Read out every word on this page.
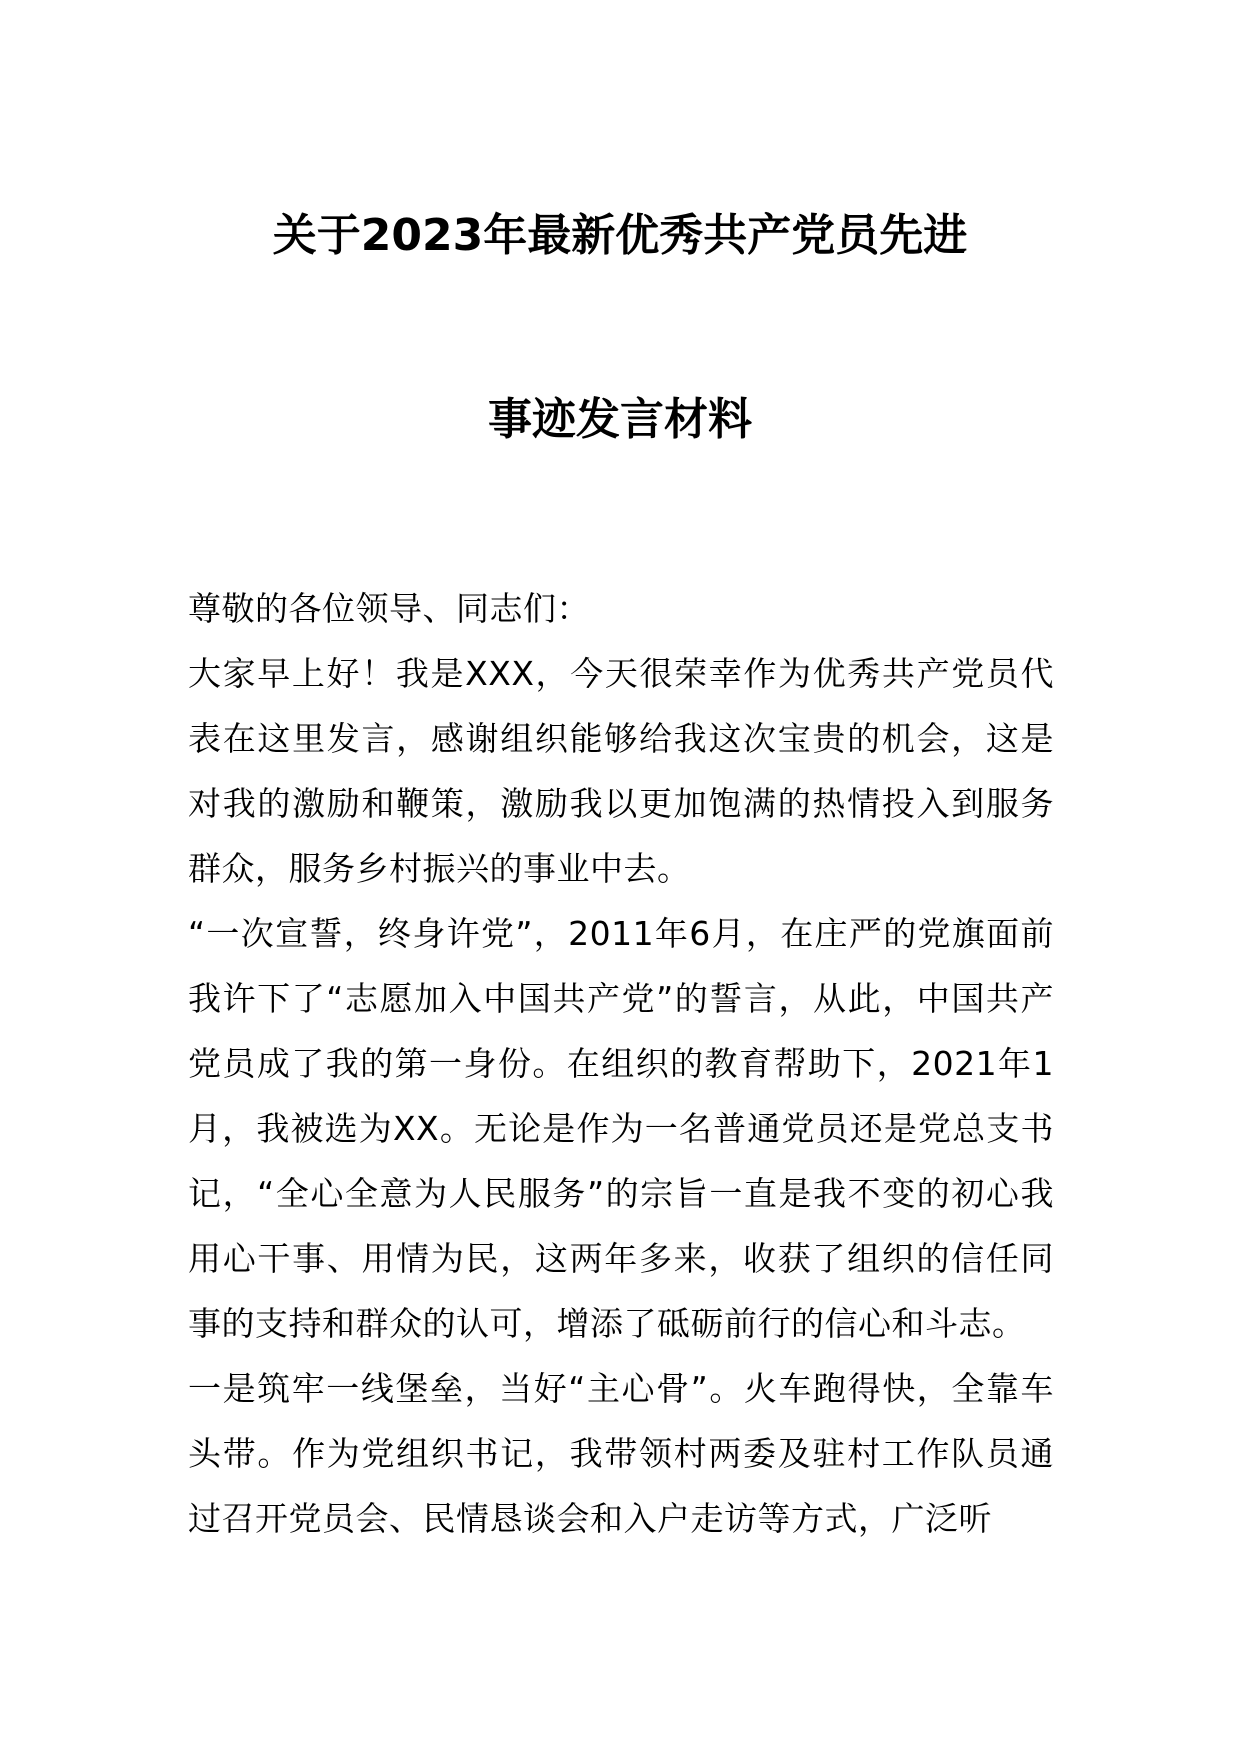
关于2023年最新优秀共产党员先进
事迹发言材料

尊敬的各位领导、同志们：

大家早上好！我是XXX，今天很荣幸作为优秀共产党员代表在这里发言，感谢组织能够给我这次宝贵的机会，这是对我的激励和鞭策，激励我以更加饱满的热情投入到服务群众，服务乡村振兴的事业中去。

“一次宣誓，终身许党”，2011年6月，在庄严的党旗面前我许下了“志愿加入中国共产党”的誓言，从此，中国共产党员成了我的第一身份。在组织的教育帮助下，2021年1月，我被选为XX。无论是作为一名普通党员还是党总支书记，“全心全意为人民服务”的宗旨一直是我不变的初心我用心干事、用情为民，这两年多来，收获了组织的信任同事的支持和群众的认可，增添了砥砺前行的信心和斗志。

一是筑牢一线堡垒，当好“主心骨”。火车跑得快，全靠车头带。作为党组织书记，我带领村两委及驻村工作队员通过召开党员会、民情恳谈会和入户走访等方式，广泛听
